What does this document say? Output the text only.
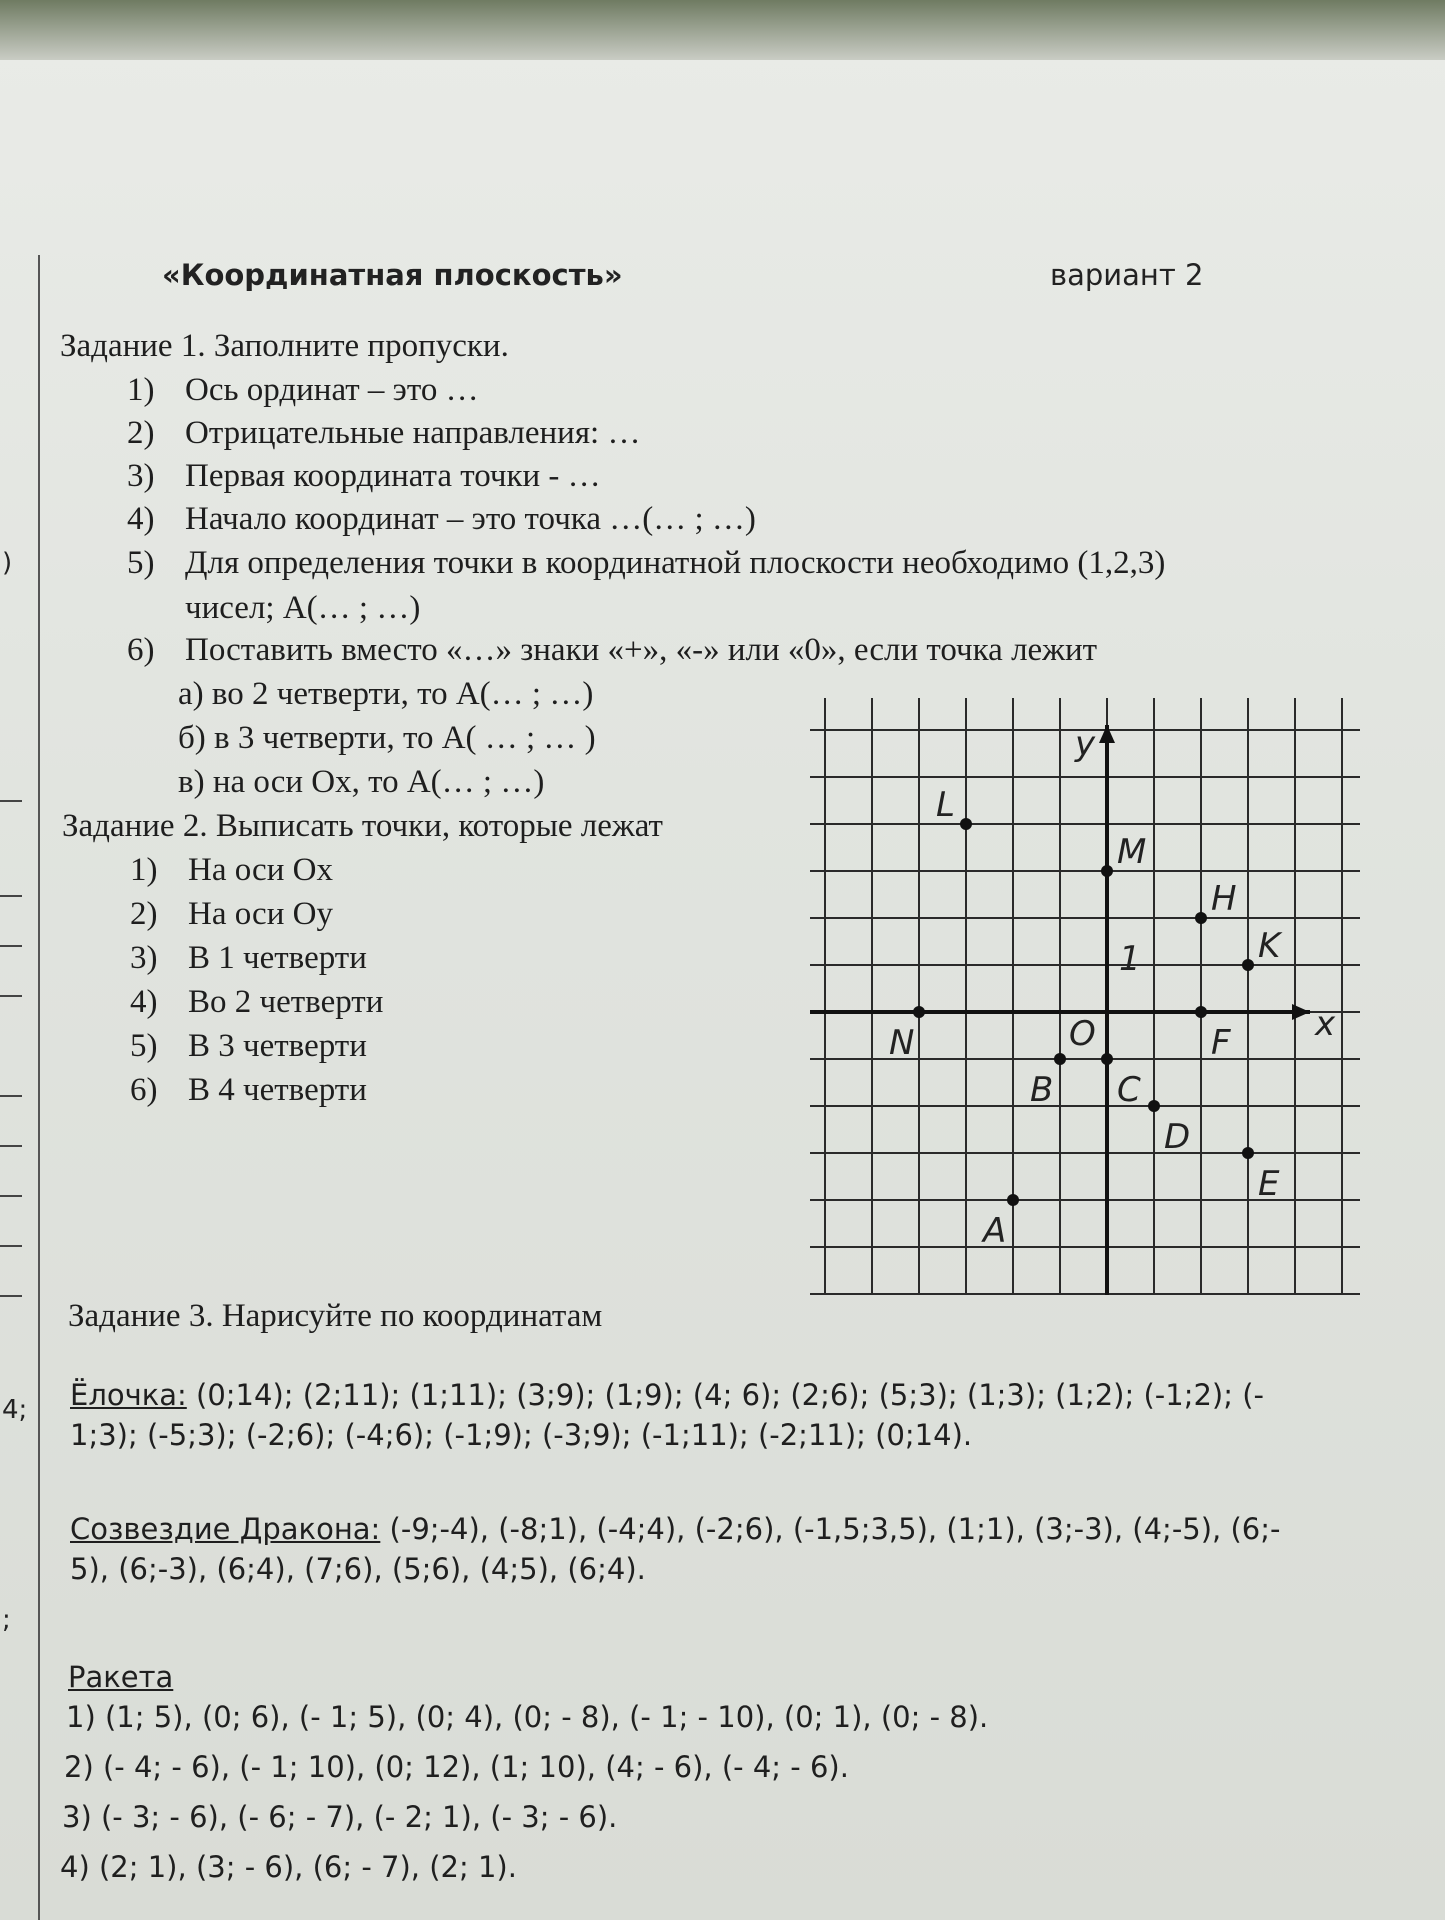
)
4;
;
«Координатная плоскость»	вариант 2
Задание 1. Заполните пропуски.
1) Ось ординат – это …
2) Отрицательные направления: …
3) Первая координата точки - …
4) Начало координат – это точка …(… ; …)
5) Для определения точки в координатной плоскости необходимо (1,2,3)
чисел; А(… ; …)
6) Поставить вместо «…» знаки «+», «-» или «0», если точка лежит
а) во 2 четверти, то А(… ; …)
б) в 3 четверти, то А( … ; … )
в) на оси Ох, то А(… ; …)
Задание 2. Выписать точки, которые лежат
1) На оси Ох
2) На оси Оу
3) В 1 четверти
4) Во 2 четверти
5) В 3 четверти
6) В 4 четверти
y
x
O
1
L
M
H
K
N
C
F
B
D
E
A
Задание 3. Нарисуйте по координатам
Ёлочка: (0;14); (2;11); (1;11); (3;9); (1;9); (4; 6); (2;6); (5;3); (1;3); (1;2); (-1;2); (-
1;3); (-5;3); (-2;6); (-4;6); (-1;9); (-3;9); (-1;11); (-2;11); (0;14).
Созвездие Дракона: (-9;-4), (-8;1), (-4;4), (-2;6), (-1,5;3,5), (1;1), (3;-3), (4;-5), (6;-
5), (6;-3), (6;4), (7;6), (5;6), (4;5), (6;4).
Ракета
1) (1; 5), (0; 6), (- 1; 5), (0; 4), (0; - 8), (- 1; - 10), (0; 1), (0; - 8).
2) (- 4; - 6), (- 1; 10), (0; 12), (1; 10), (4; - 6), (- 4; - 6).
3) (- 3; - 6), (- 6; - 7), (- 2; 1), (- 3; - 6).
4) (2; 1), (3; - 6), (6; - 7), (2; 1).
